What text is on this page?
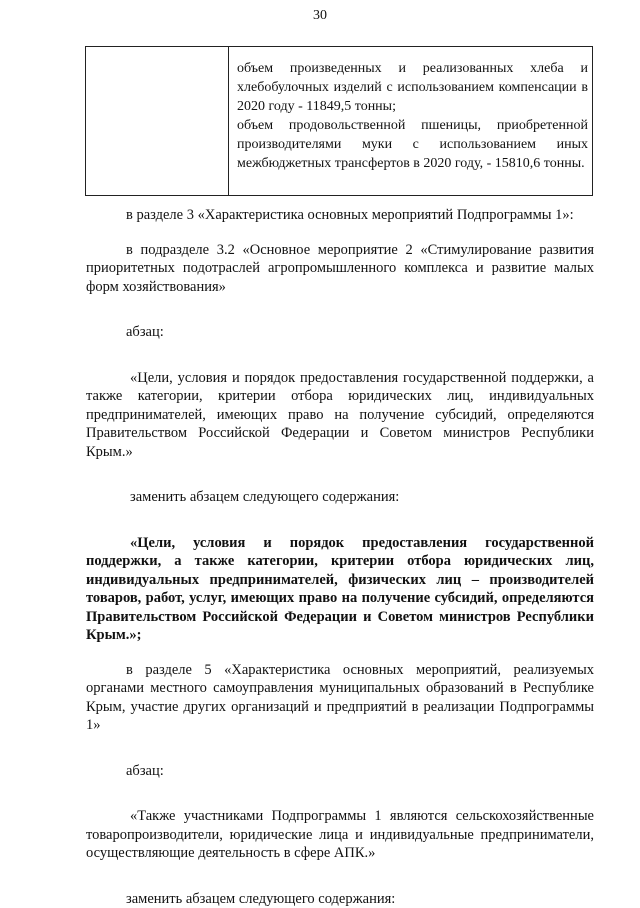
30

объем произведенных и реализованных хлеба и хлебобулочных изделий с использованием компенсации в 2020 году - 11849,5 тонны;

объем продовольственной пшеницы, приобретенной производителями муки с использованием иных межбюджетных трансфертов в 2020 году, - 15810,6 тонны.

в разделе 3 «Характеристика основных мероприятий Подпрограммы 1»:

в подразделе 3.2 «Основное мероприятие 2 «Стимулирование развития приоритетных подотраслей агропромышленного комплекса и развитие малых форм хозяйствования»

абзац:

«Цели, условия и порядок предоставления государственной поддержки, а также категории, критерии отбора юридических лиц, индивидуальных предпринимателей, имеющих право на получение субсидий, определяются Правительством Российской Федерации и Советом министров Республики Крым.»

заменить абзацем следующего содержания:

«Цели, условия и порядок предоставления государственной поддержки, а также категории, критерии отбора юридических лиц, индивидуальных предпринимателей, физических лиц – производителей товаров, работ, услуг, имеющих право на получение субсидий, определяются Правительством Российской Федерации и Советом министров Республики Крым.»;

в разделе 5 «Характеристика основных мероприятий, реализуемых органами местного самоуправления муниципальных образований в Республике Крым, участие других организаций и предприятий в реализации Подпрограммы 1»

абзац:

«Также участниками Подпрограммы 1 являются сельскохозяйственные товаропроизводители, юридические лица и индивидуальные предприниматели, осуществляющие деятельность в сфере АПК.»

заменить абзацем следующего содержания:
